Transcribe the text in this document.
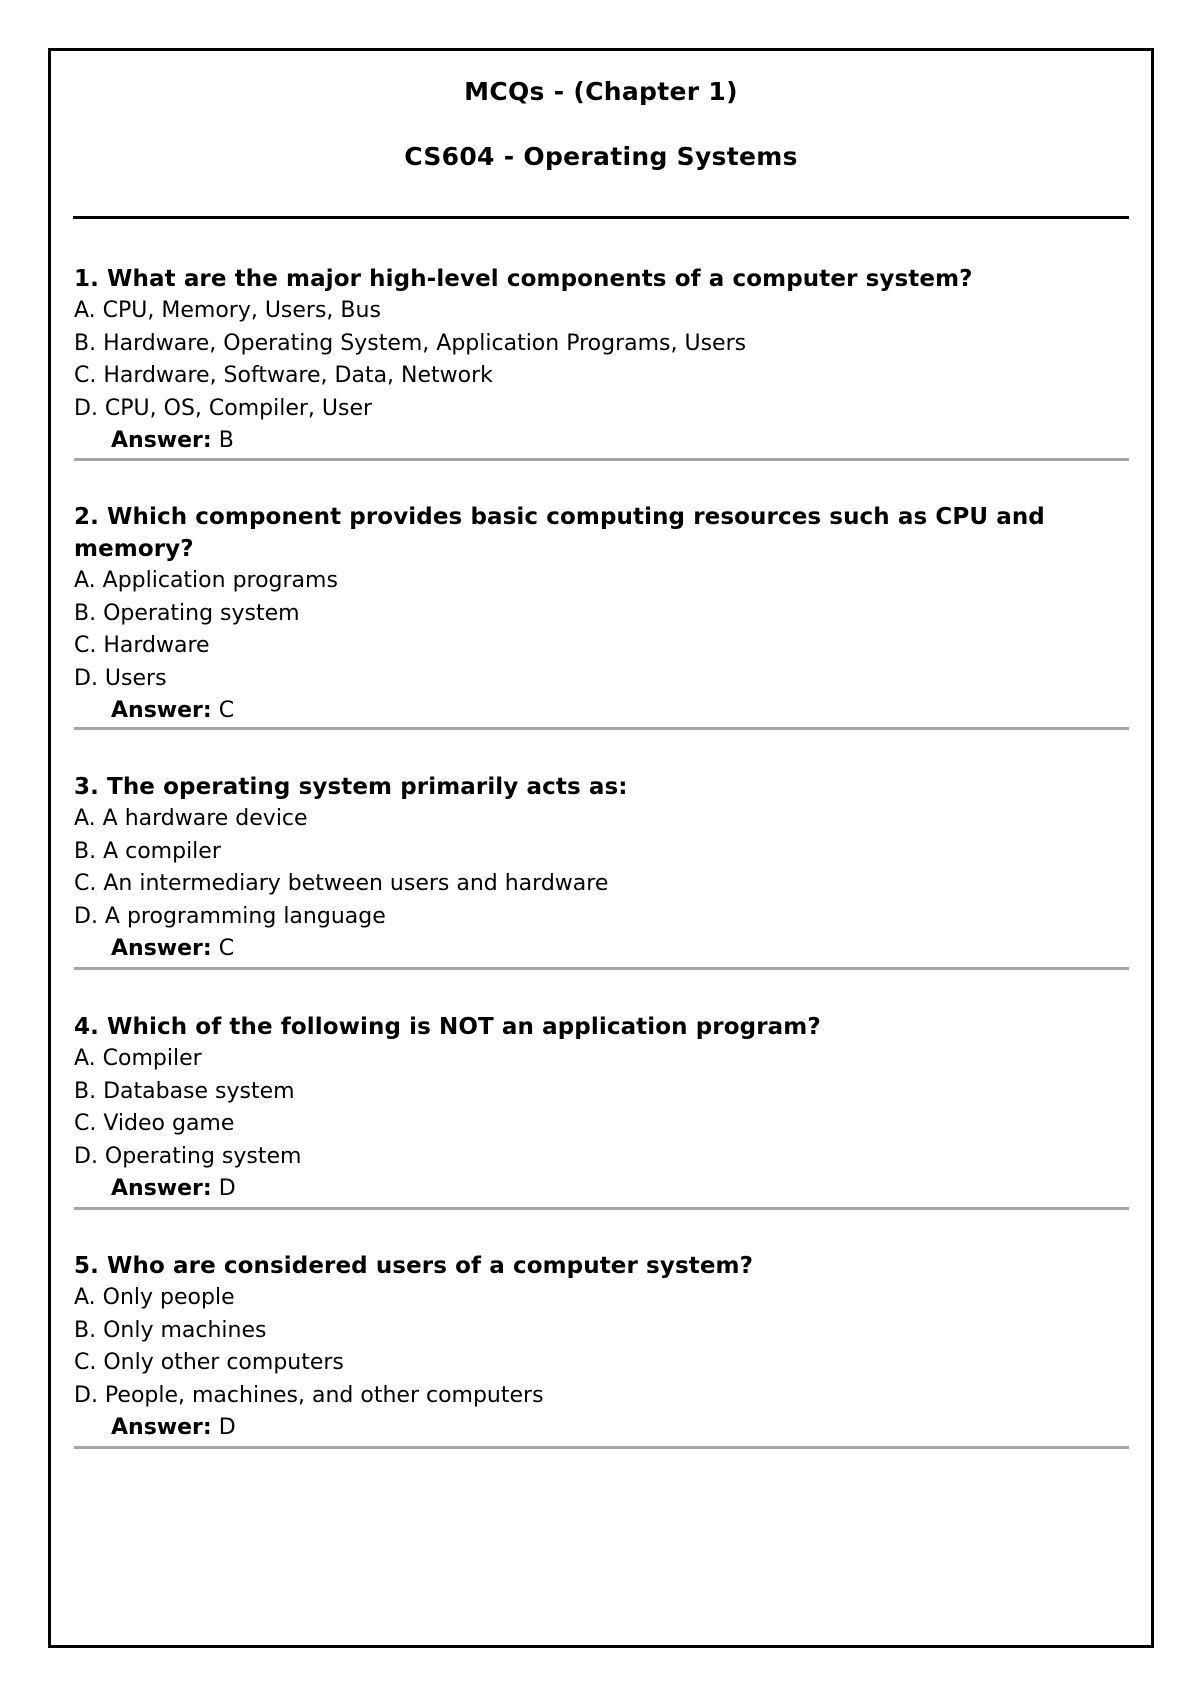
MCQs - (Chapter 1)
CS604 - Operating Systems

1. What are the major high-level components of a computer system?

A. CPU, Memory, Users, Bus

B. Hardware, Operating System, Application Programs, Users

C. Hardware, Software, Data, Network

D. CPU, OS, Compiler, User

Answer: B

2. Which component provides basic computing resources such as CPU and memory?

A. Application programs

B. Operating system

C. Hardware

D. Users

Answer: C

3. The operating system primarily acts as:

A. A hardware device

B. A compiler

C. An intermediary between users and hardware

D. A programming language

Answer: C

4. Which of the following is NOT an application program?

A. Compiler

B. Database system

C. Video game

D. Operating system

Answer: D

5. Who are considered users of a computer system?

A. Only people

B. Only machines

C. Only other computers

D. People, machines, and other computers

Answer: D
